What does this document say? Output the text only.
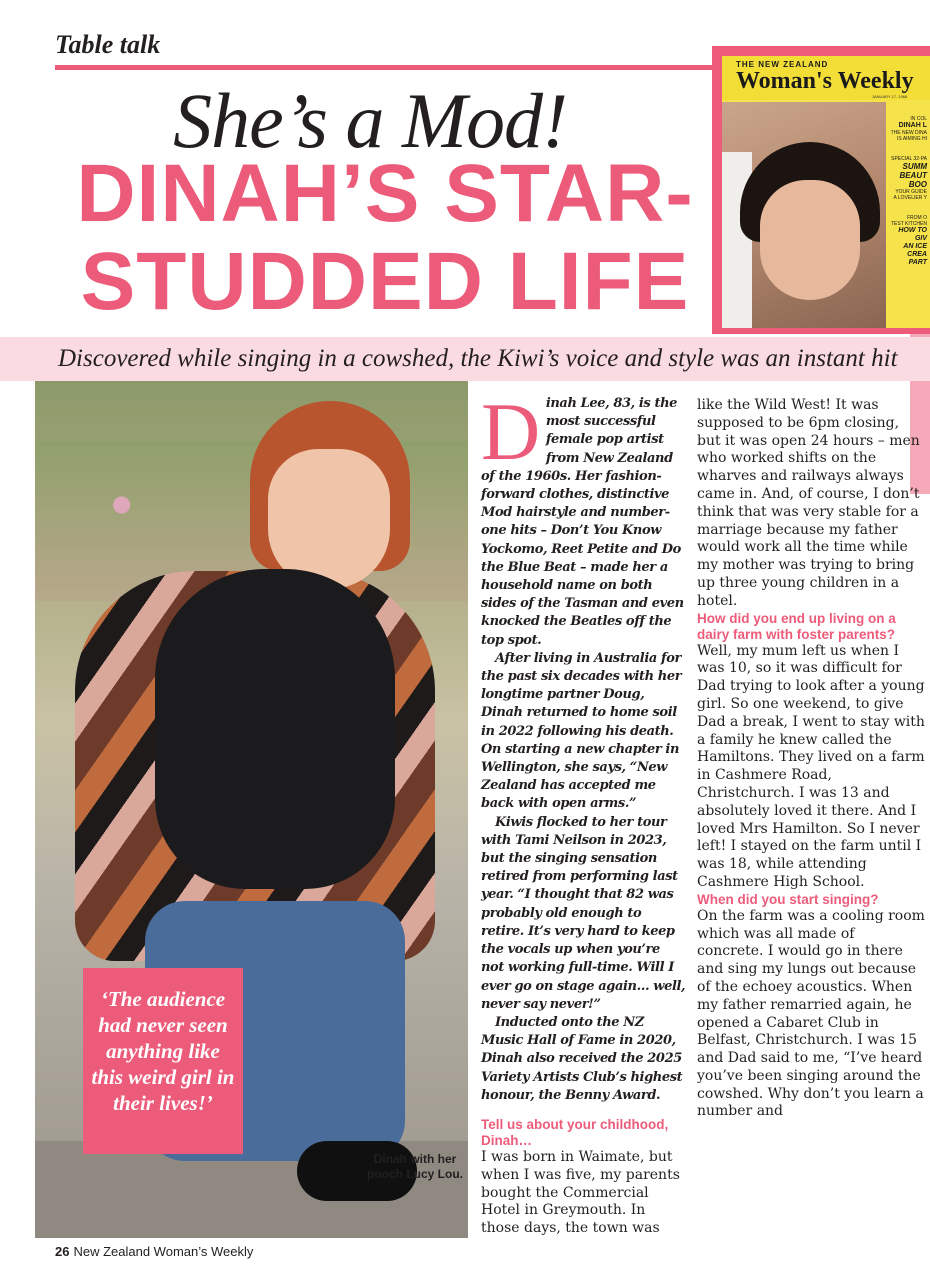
Table talk
She’s a Mod!
DINAH’S STAR-
STUDDED LIFE
THE NEW ZEALAND
Woman's Weekly
JANUARY 17, 1966
IN COL
DINAH L
THE NEW DINA
IS AIMING HI
SPECIAL 32-PA
SUMM
BEAUT
BOO
YOUR GUIDE
A LOVELIER Y
FROM O
TEST KITCHEN
HOW TO GIV
AN ICE CREA
PART
Discovered while singing in a cowshed, the Kiwi’s voice and style was an instant hit
‘The audience had never seen anything like this weird girl in their lives!’
Dinah with her pooch Lucy Lou.

Dinah Lee, 83, is the most successful female pop artist from New Zealand of the 1960s. Her fashion-forward clothes, distinctive Mod hairstyle and number-one hits – Don’t You Know Yockomo, Reet Petite and Do the Blue Beat – made her a household name on both sides of the Tasman and even knocked the Beatles off the top spot.

After living in Australia for the past six decades with her longtime partner Doug, Dinah returned to home soil in 2022 following his death. On starting a new chapter in Wellington, she says, “New Zealand has accepted me back with open arms.”

Kiwis flocked to her tour with Tami Neilson in 2023, but the singing sensation retired from performing last year. “I thought that 82 was probably old enough to retire. It’s very hard to keep the vocals up when you’re not working full-time. Will I ever go on stage again… well, never say never!”

Inducted onto the NZ Music Hall of Fame in 2020, Dinah also received the 2025 Variety Artists Club’s highest honour, the Benny Award.

Tell us about your childhood, Dinah…
I was born in Waimate, but when I was five, my parents bought the Commercial Hotel in Greymouth. In those days, the town was
like the Wild West! It was supposed to be 6pm closing, but it was open 24 hours – men who worked shifts on the wharves and railways always came in. And, of course, I don’t think that was very stable for a marriage because my father would work all the time while my mother was trying to bring up three young children in a hotel.
How did you end up living on a dairy farm with foster parents?
Well, my mum left us when I was 10, so it was difficult for Dad trying to look after a young girl. So one weekend, to give Dad a break, I went to stay with a family he knew called the Hamiltons. They lived on a farm in Cashmere Road, Christchurch. I was 13 and absolutely loved it there. And I loved Mrs Hamilton. So I never left! I stayed on the farm until I was 18, while attending Cashmere High School.
When did you start singing?
On the farm was a cooling room which was all made of concrete. I would go in there and sing my lungs out because of the echoey acoustics. When my father remarried again, he opened a Cabaret Club in Belfast, Christchurch. I was 15 and Dad said to me, “I’ve heard you’ve been singing around the cowshed. Why don’t you learn a number and
26 New Zealand Woman’s Weekly
